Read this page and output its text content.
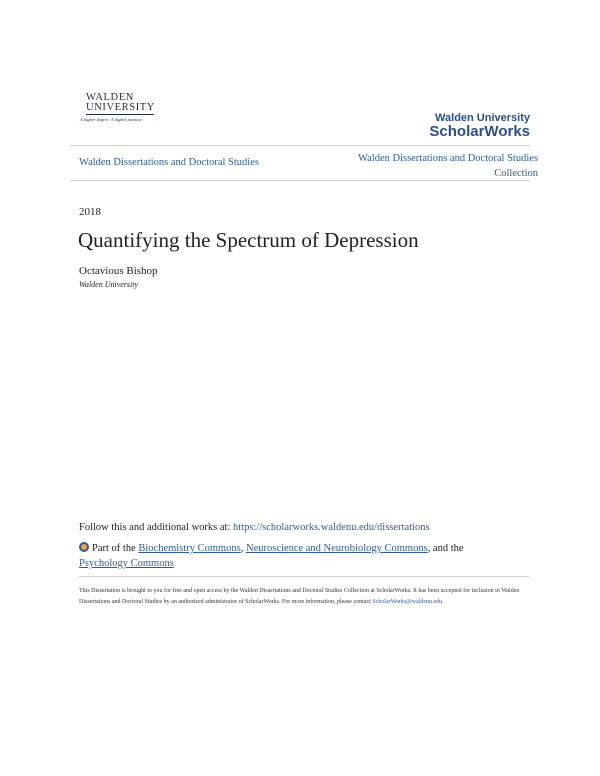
WALDEN
UNIVERSITY
A higher degree. A higher purpose.	Walden University
ScholarWorks
Walden Dissertations and Doctoral Studies	Walden Dissertations and Doctoral Studies
Collection
2018
Quantifying the Spectrum of Depression
Octavious Bishop
Walden University
Follow this and additional works at: https://scholarworks.waldenu.edu/dissertations
Part of the Biochemistry Commons, Neuroscience and Neurobiology Commons, and the
Psychology Commons
This Dissertation is brought to you for free and open access by the Walden Dissertations and Doctoral Studies Collection at ScholarWorks. It has been accepted for inclusion in Walden Dissertations and Doctoral Studies by an authorized administrator of ScholarWorks. For more information, please contact ScholarWorks@waldenu.edu.
